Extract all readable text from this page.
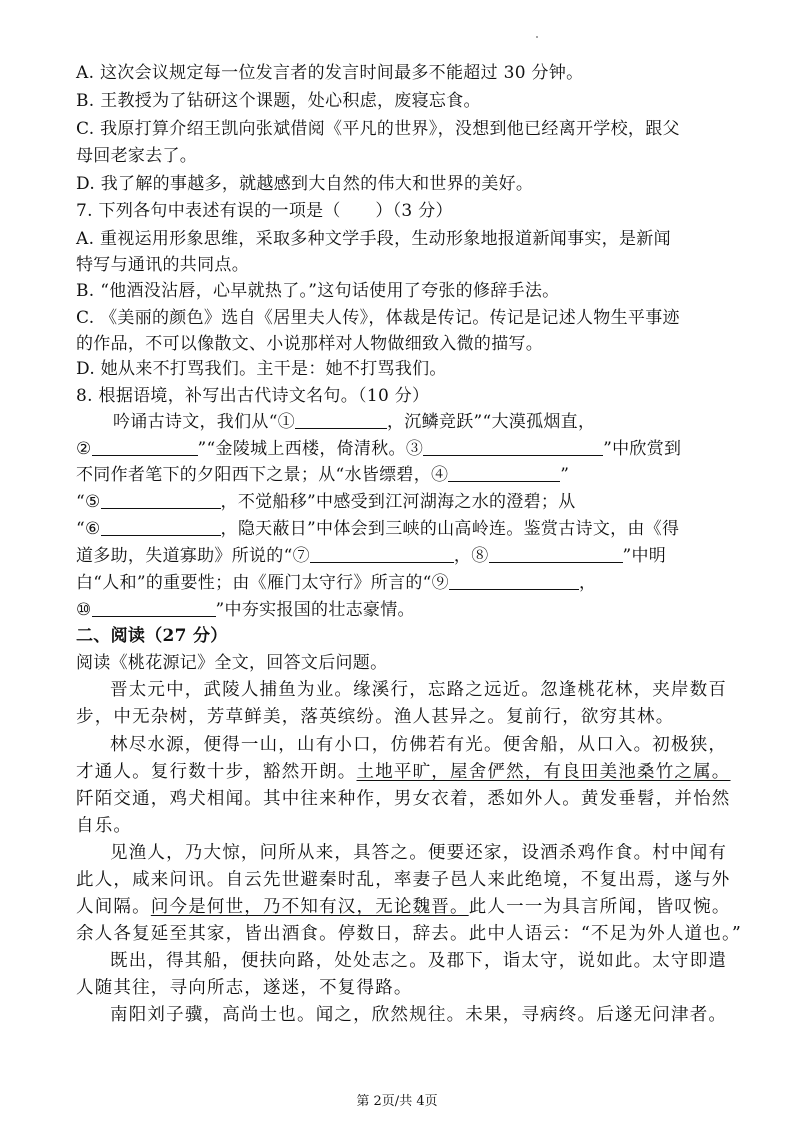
A. 这次会议规定每一位发言者的发言时间最多不能超过 30 分钟。
B. 王教授为了钻研这个课题，处心积虑，废寝忘食。
C. 我原打算介绍王凯向张斌借阅《平凡的世界》，没想到他已经离开学校，跟父
母回老家去了。
D. 我了解的事越多，就越感到大自然的伟大和世界的美好。
7. 下列各句中表述有误的一项是（　　）（3 分）
A. 重视运用形象思维，采取多种文学手段，生动形象地报道新闻事实，是新闻
特写与通讯的共同点。
B. “他酒没沾唇，心早就热了。”这句话使用了夸张的修辞手法。
C. 《美丽的颜色》选自《居里夫人传》，体裁是传记。传记是记述人物生平事迹
的作品，不可以像散文、小说那样对人物做细致入微的描写。
D. 她从来不打骂我们。主干是：她不打骂我们。
8. 根据语境，补写出古代诗文名句。（10 分）
吟诵古诗文，我们从“①	，沉鳞竞跃”“大漠孤烟直，
②	”“金陵城上西楼，倚清秋。③	”中欣赏到
不同作者笔下的夕阳西下之景；从“水皆缥碧，④	”
“⑤	，不觉船移”中感受到江河湖海之水的澄碧；从
“⑥	，隐天蔽日”中体会到三峡的山高岭连。鉴赏古诗文，由《得
道多助，失道寡助》所说的“⑦	，⑧	”中明
白“人和”的重要性；由《雁门太守行》所言的“⑨	，
⑩	”中夯实报国的壮志豪情。
二、阅读（27 分）
阅读《桃花源记》全文，回答文后问题。
晋太元中，武陵人捕鱼为业。缘溪行，忘路之远近。忽逢桃花林，夹岸数百
步，中无杂树，芳草鲜美，落英缤纷。渔人甚异之。复前行，欲穷其林。
林尽水源，便得一山，山有小口，仿佛若有光。便舍船，从口入。初极狭，
才通人。复行数十步，豁然开朗。土地平旷，屋舍俨然，有良田美池桑竹之属。
阡陌交通，鸡犬相闻。其中往来种作，男女衣着，悉如外人。黄发垂髫，并怡然
自乐。
见渔人，乃大惊，问所从来，具答之。便要还家，设酒杀鸡作食。村中闻有
此人，咸来问讯。自云先世避秦时乱，率妻子邑人来此绝境，不复出焉，遂与外
人间隔。问今是何世，乃不知有汉，无论魏晋。此人一一为具言所闻，皆叹惋。
余人各复延至其家，皆出酒食。停数日，辞去。此中人语云：“不足为外人道也。”
既出，得其船，便扶向路，处处志之。及郡下，诣太守，说如此。太守即遣
人随其往，寻向所志，遂迷，不复得路。
南阳刘子骥，高尚士也。闻之，欣然规往。未果，寻病终。后遂无问津者。
第 2页/共 4页
